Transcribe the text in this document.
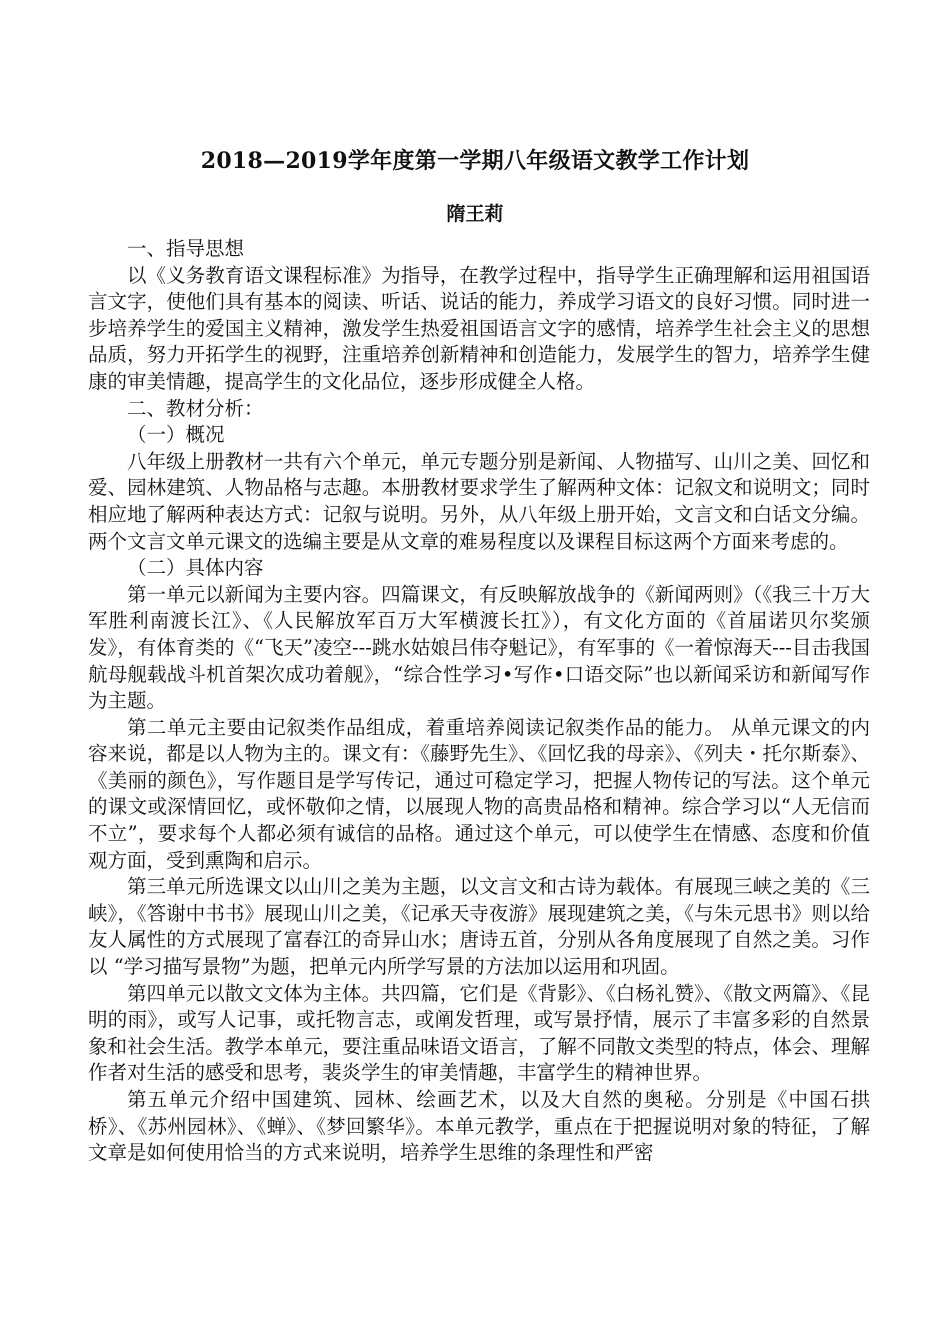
2018—2019学年度第一学期八年级语文教学工作计划
隋王莉

一、指导思想

以《义务教育语文课程标准》为指导，在教学过程中，指导学生正确理解和运用祖国语言文字，使他们具有基本的阅读、听话、说话的能力，养成学习语文的良好习惯。同时进一步培养学生的爱国主义精神，激发学生热爱祖国语言文字的感情，培养学生社会主义的思想品质，努力开拓学生的视野，注重培养创新精神和创造能力，发展学生的智力，培养学生健康的审美情趣，提高学生的文化品位，逐步形成健全人格。

二、教材分析：

（一）概况

八年级上册教材一共有六个单元，单元专题分别是新闻、人物描写、山川之美、回忆和爱、园林建筑、人物品格与志趣。本册教材要求学生了解两种文体：记叙文和说明文；同时相应地了解两种表达方式：记叙与说明。另外，从八年级上册开始，文言文和白话文分编。两个文言文单元课文的选编主要是从文章的难易程度以及课程目标这两个方面来考虑的。

（二）具体内容

第一单元以新闻为主要内容。四篇课文，有反映解放战争的《新闻两则》（《我三十万大军胜利南渡长江》、《人民解放军百万大军横渡长扛》），有文化方面的《首届诺贝尔奖颁发》，有体育类的《“飞天”凌空---跳水姑娘吕伟夺魁记》，有军事的《一着惊海天---目击我国航母舰载战斗机首架次成功着舰》，“综合性学习•写作•口语交际”也以新闻采访和新闻写作为主题。

第二单元主要由记叙类作品组成，着重培养阅读记叙类作品的能力。 从单元课文的内容来说，都是以人物为主的。课文有：《藤野先生》、《回忆我的母亲》、《列夫・托尔斯泰》、《美丽的颜色》，写作题目是学写传记，通过可稳定学习，把握人物传记的写法。这个单元的课文或深情回忆，或怀敬仰之情，以展现人物的高贵品格和精神。综合学习以“人无信而不立”，要求每个人都必须有诚信的品格。通过这个单元，可以使学生在情感、态度和价值观方面，受到熏陶和启示。

第三单元所选课文以山川之美为主题，以文言文和古诗为载体。有展现三峡之美的《三峡》，《答谢中书书》展现山川之美，《记承天寺夜游》展现建筑之美，《与朱元思书》则以给友人属性的方式展现了富春江的奇异山水；唐诗五首，分别从各角度展现了自然之美。习作以 “学习描写景物”为题，把单元内所学写景的方法加以运用和巩固。

第四单元以散文文体为主体。共四篇，它们是《背影》、《白杨礼赞》、《散文两篇》、《昆明的雨》，或写人记事，或托物言志，或阐发哲理，或写景抒情，展示了丰富多彩的自然景象和社会生活。教学本单元，要注重品味语文语言，了解不同散文类型的特点，体会、理解作者对生活的感受和思考，裴炎学生的审美情趣，丰富学生的精神世界。

第五单元介绍中国建筑、园林、绘画艺术，以及大自然的奥秘。分别是《中国石拱桥》、《苏州园林》、《蝉》、《梦回繁华》。本单元教学，重点在于把握说明对象的特征，了解文章是如何使用恰当的方式来说明，培养学生思维的条理性和严密
